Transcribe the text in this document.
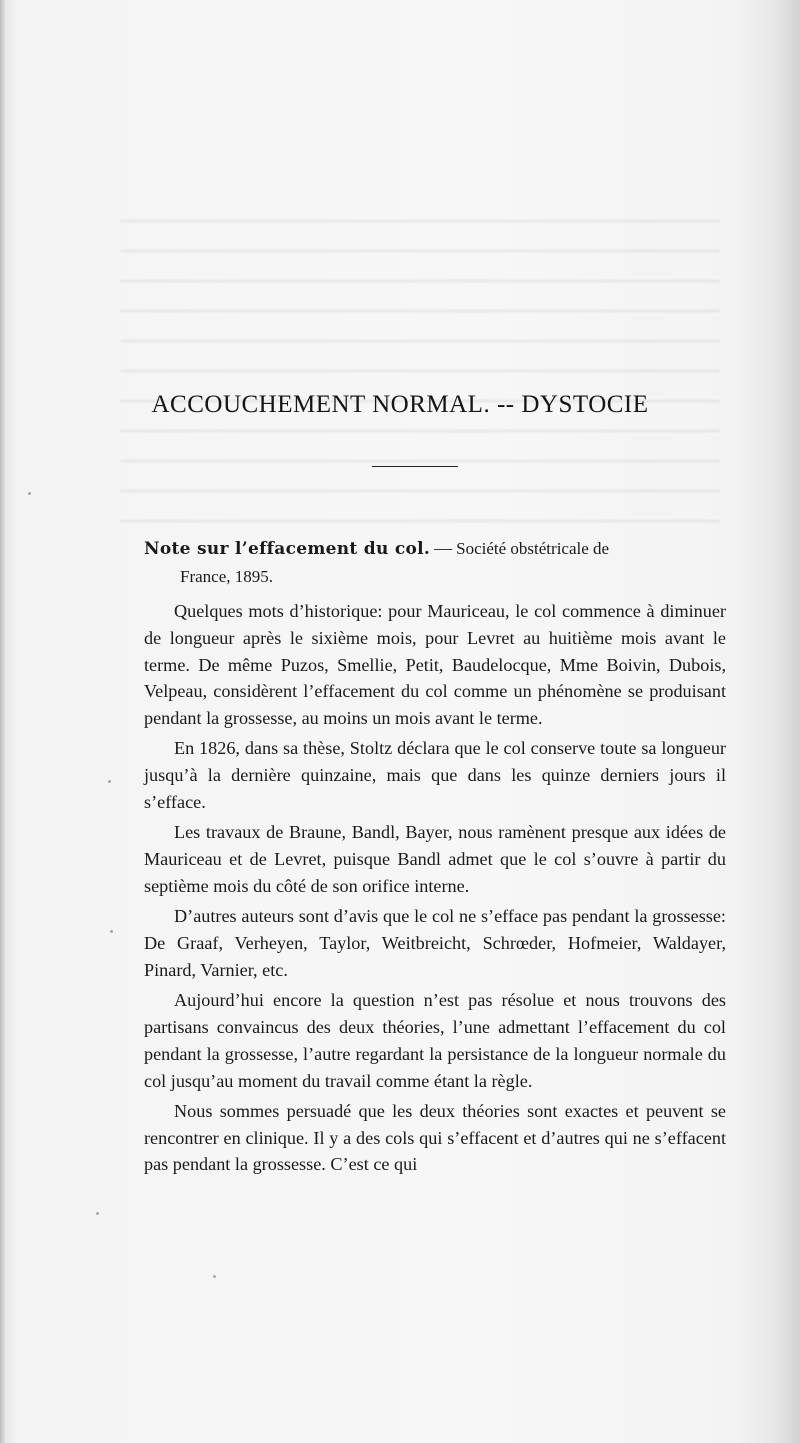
ACCOUCHEMENT NORMAL. -- DYSTOCIE

Note sur l’effacement du col. — Société obstétricale de
France, 1895.

Quelques mots d’historique: pour Mauriceau, le col commence à diminuer de longueur après le sixième mois, pour Levret au huitième mois avant le terme. De même Puzos, Smellie, Petit, Baudelocque, Mme Boivin, Dubois, Velpeau, considèrent l’effacement du col comme un phénomène se produisant pendant la grossesse, au moins un mois avant le terme.

En 1826, dans sa thèse, Stoltz déclara que le col conserve toute sa longueur jusqu’à la dernière quinzaine, mais que dans les quinze derniers jours il s’efface.

Les travaux de Braune, Bandl, Bayer, nous ramènent presque aux idées de Mauriceau et de Levret, puisque Bandl admet que le col s’ouvre à partir du septième mois du côté de son orifice interne.

D’autres auteurs sont d’avis que le col ne s’efface pas pendant la grossesse: De Graaf, Verheyen, Taylor, Weitbreicht, Schrœder, Hofmeier, Waldayer, Pinard, Varnier, etc.

Aujourd’hui encore la question n’est pas résolue et nous trouvons des partisans convaincus des deux théories, l’une admettant l’effacement du col pendant la grossesse, l’autre regardant la persistance de la longueur normale du col jusqu’au moment du travail comme étant la règle.

Nous sommes persuadé que les deux théories sont exactes et peuvent se rencontrer en clinique. Il y a des cols qui s’effacent et d’autres qui ne s’effacent pas pendant la grossesse. C’est ce qui
